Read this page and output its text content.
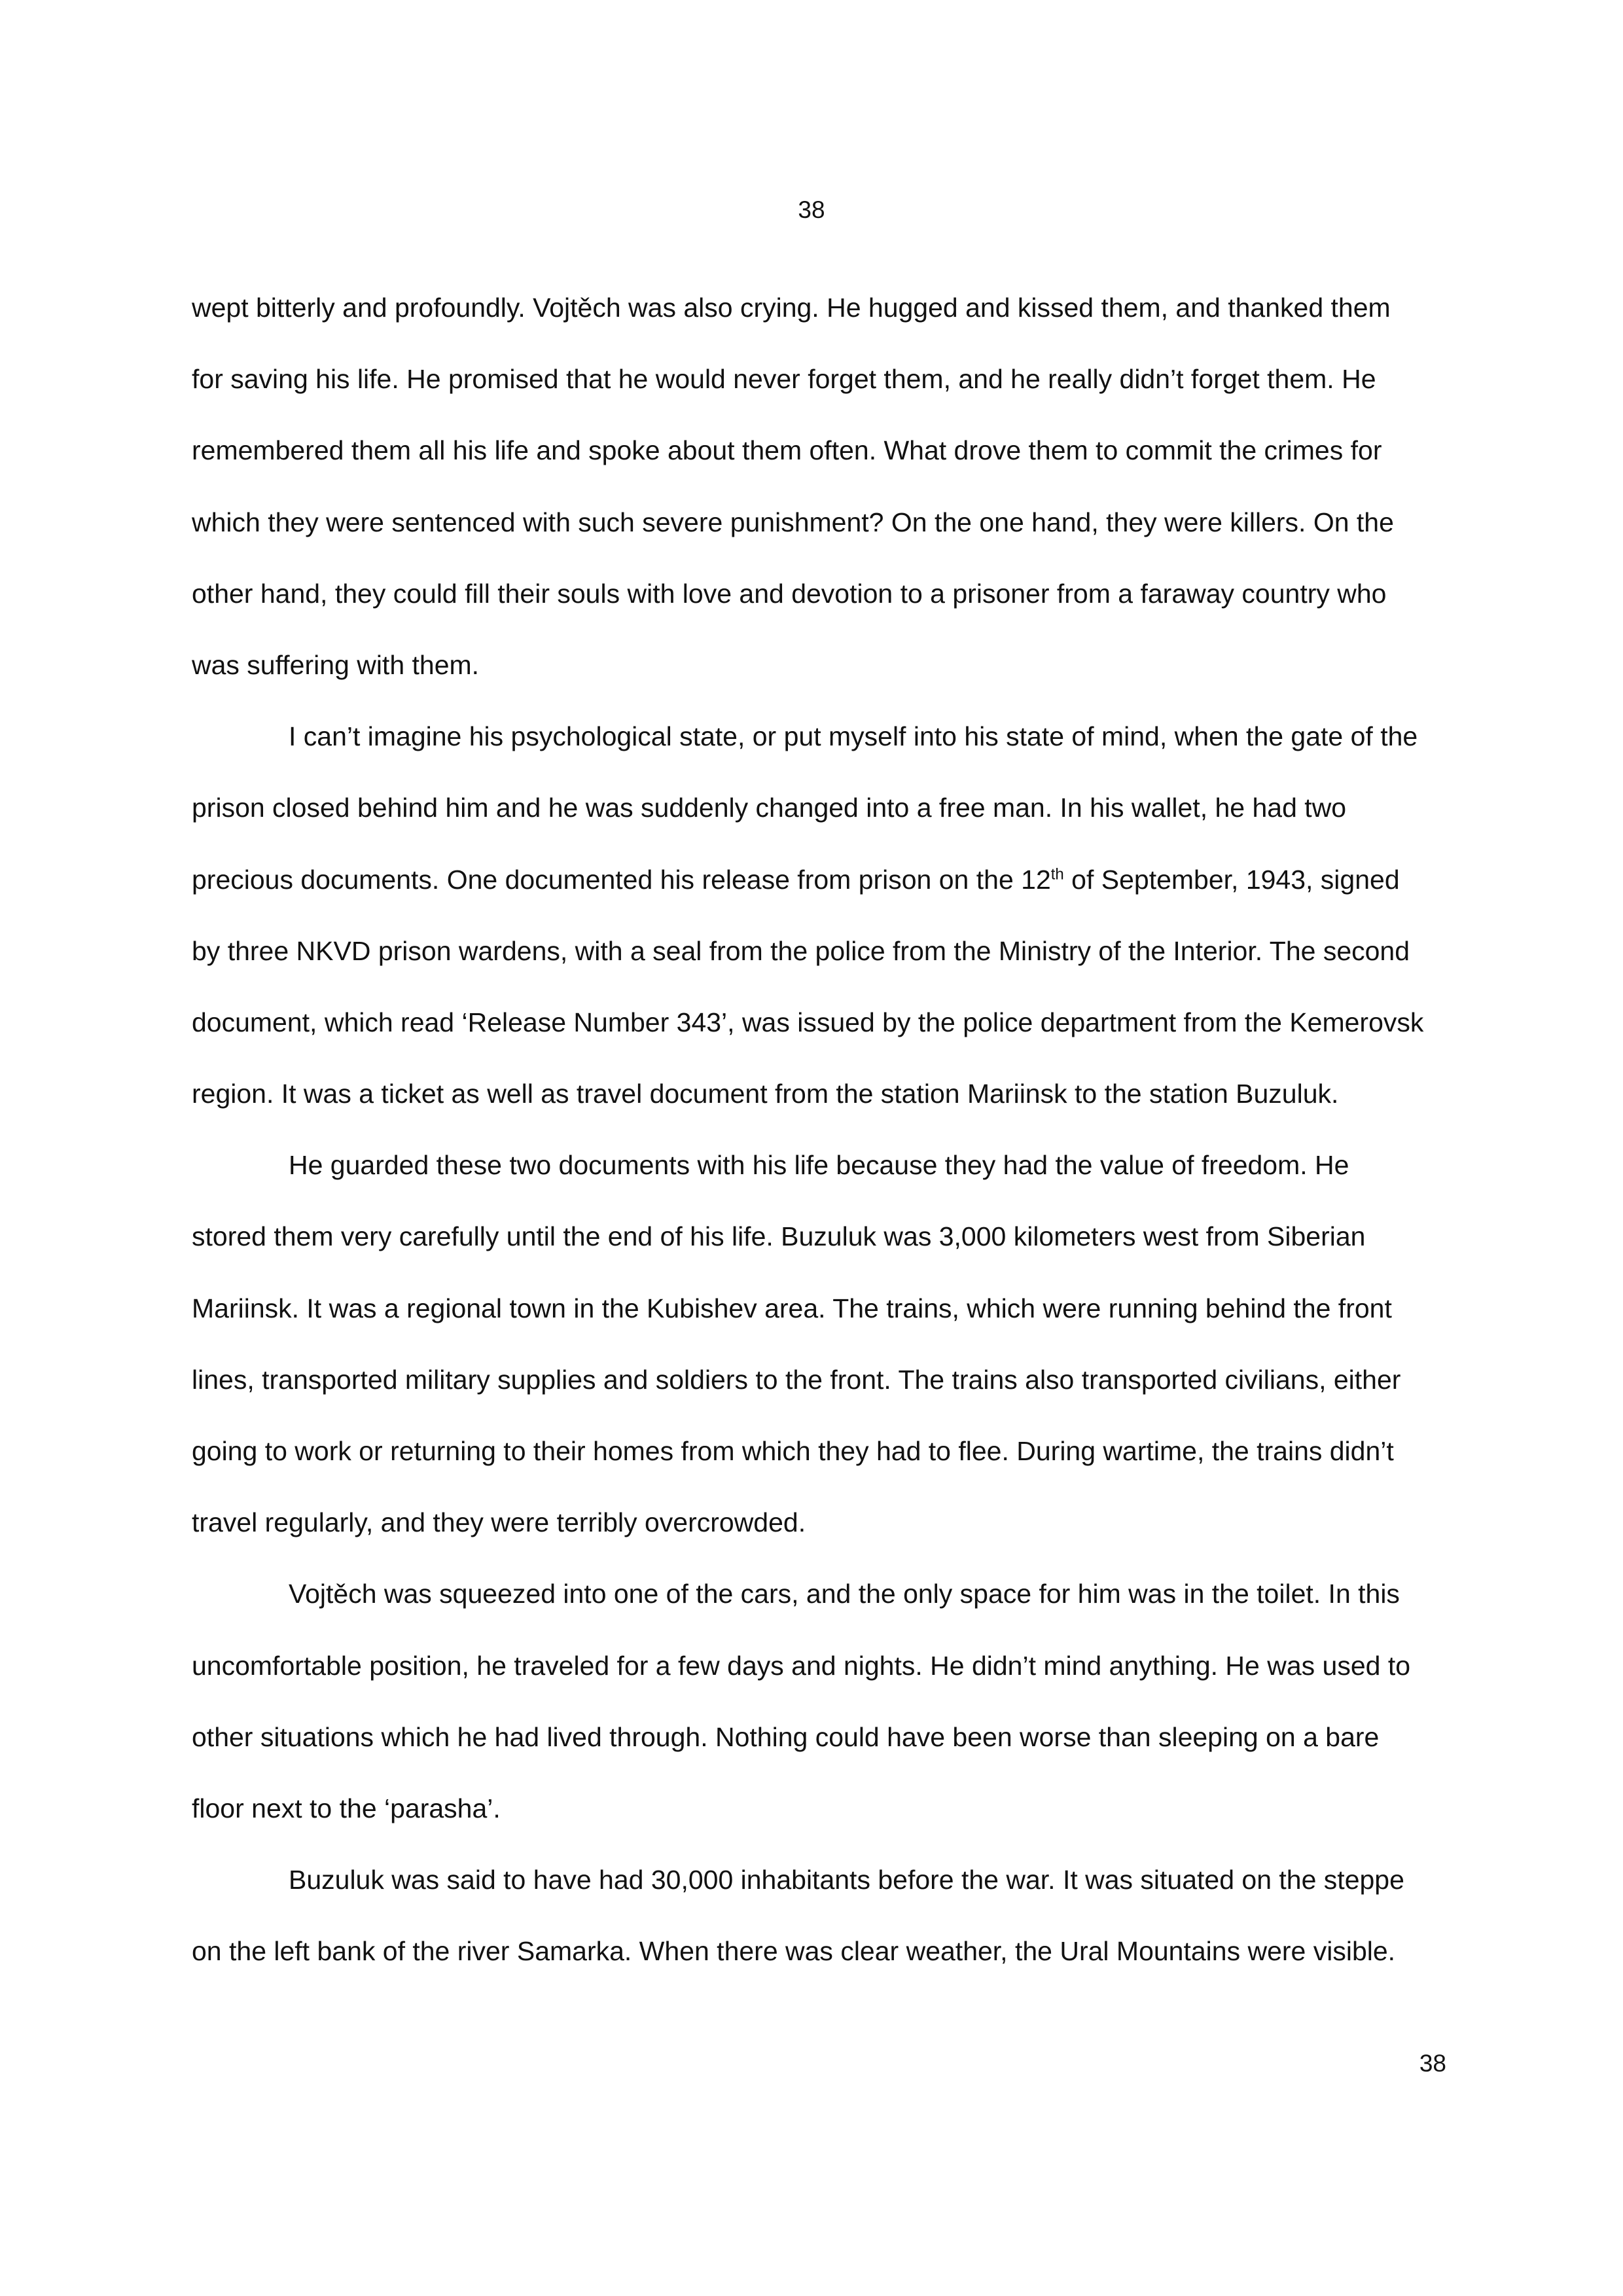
38
wept bitterly and profoundly. Vojtěch was also crying. He hugged and kissed them, and thanked them
for saving his life. He promised that he would never forget them, and he really didn’t forget them. He
remembered them all his life and spoke about them often. What drove them to commit the crimes for
which they were sentenced with such severe punishment? On the one hand, they were killers. On the
other hand, they could fill their souls with love and devotion to a prisoner from a faraway country who
was suffering with them.
I can’t imagine his psychological state, or put myself into his state of mind, when the gate of the
prison closed behind him and he was suddenly changed into a free man. In his wallet, he had two
precious documents. One documented his release from prison on the 12th of September, 1943, signed
by three NKVD prison wardens, with a seal from the police from the Ministry of the Interior. The second
document, which read ‘Release Number 343’, was issued by the police department from the Kemerovsk
region. It was a ticket as well as travel document from the station Mariinsk to the station Buzuluk.
He guarded these two documents with his life because they had the value of freedom. He
stored them very carefully until the end of his life. Buzuluk was 3,000 kilometers west from Siberian
Mariinsk. It was a regional town in the Kubishev area. The trains, which were running behind the front
lines, transported military supplies and soldiers to the front. The trains also transported civilians, either
going to work or returning to their homes from which they had to flee. During wartime, the trains didn’t
travel regularly, and they were terribly overcrowded.
Vojtěch was squeezed into one of the cars, and the only space for him was in the toilet. In this
uncomfortable position, he traveled for a few days and nights. He didn’t mind anything. He was used to
other situations which he had lived through. Nothing could have been worse than sleeping on a bare
floor next to the ‘parasha’.
Buzuluk was said to have had 30,000 inhabitants before the war. It was situated on the steppe
on the left bank of the river Samarka. When there was clear weather, the Ural Mountains were visible.
38
